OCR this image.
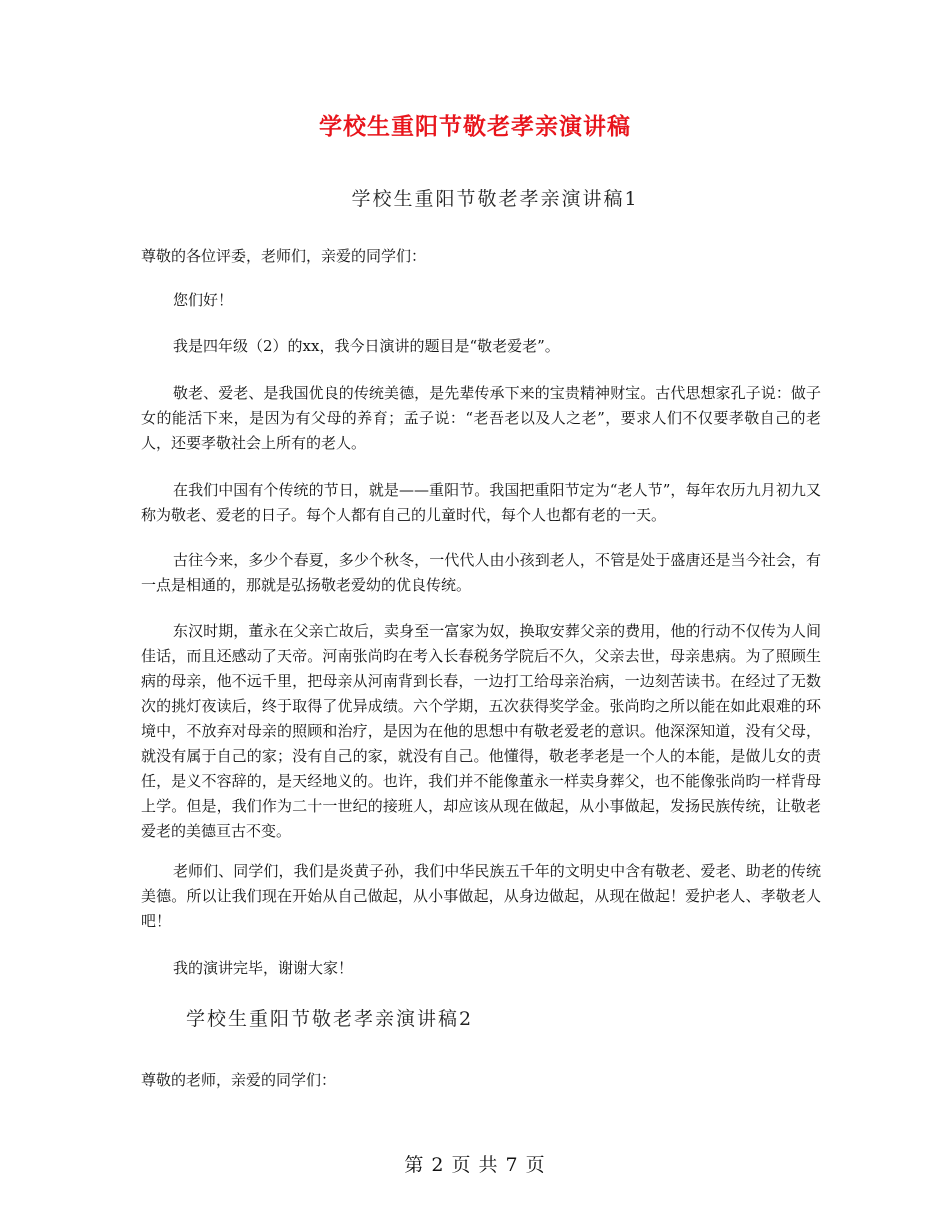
学校生重阳节敬老孝亲演讲稿
学校生重阳节敬老孝亲演讲稿1

尊敬的各位评委，老师们，亲爱的同学们：

您们好！

我是四年级（2）的xx，我今日演讲的题目是“敬老爱老”。

敬老、爱老、是我国优良的传统美德，是先辈传承下来的宝贵精神财宝。古代思想家孔子说：做子女的能活下来，是因为有父母的养育；孟子说：“老吾老以及人之老”，要求人们不仅要孝敬自己的老人，还要孝敬社会上所有的老人。

在我们中国有个传统的节日，就是——重阳节。我国把重阳节定为“老人节”，每年农历九月初九又称为敬老、爱老的日子。每个人都有自己的儿童时代，每个人也都有老的一天。

古往今来，多少个春夏，多少个秋冬，一代代人由小孩到老人，不管是处于盛唐还是当今社会，有一点是相通的，那就是弘扬敬老爱幼的优良传统。

东汉时期，董永在父亲亡故后，卖身至一富家为奴，换取安葬父亲的费用，他的行动不仅传为人间佳话，而且还感动了天帝。河南张尚昀在考入长春税务学院后不久，父亲去世，母亲患病。为了照顾生病的母亲，他不远千里，把母亲从河南背到长春，一边打工给母亲治病，一边刻苦读书。在经过了无数次的挑灯夜读后，终于取得了优异成绩。六个学期，五次获得奖学金。张尚昀之所以能在如此艰难的环境中，不放弃对母亲的照顾和治疗，是因为在他的思想中有敬老爱老的意识。他深深知道，没有父母，就没有属于自己的家；没有自己的家，就没有自己。他懂得，敬老孝老是一个人的本能，是做儿女的责任，是义不容辞的，是天经地义的。也许，我们并不能像董永一样卖身葬父，也不能像张尚昀一样背母上学。但是，我们作为二十一世纪的接班人，却应该从现在做起，从小事做起，发扬民族传统，让敬老爱老的美德亘古不变。

老师们、同学们，我们是炎黄子孙，我们中华民族五千年的文明史中含有敬老、爱老、助老的传统美德。所以让我们现在开始从自己做起，从小事做起，从身边做起，从现在做起！爱护老人、孝敬老人吧！

我的演讲完毕，谢谢大家！

学校生重阳节敬老孝亲演讲稿2

尊敬的老师，亲爱的同学们：

第 2 页 共 7 页
